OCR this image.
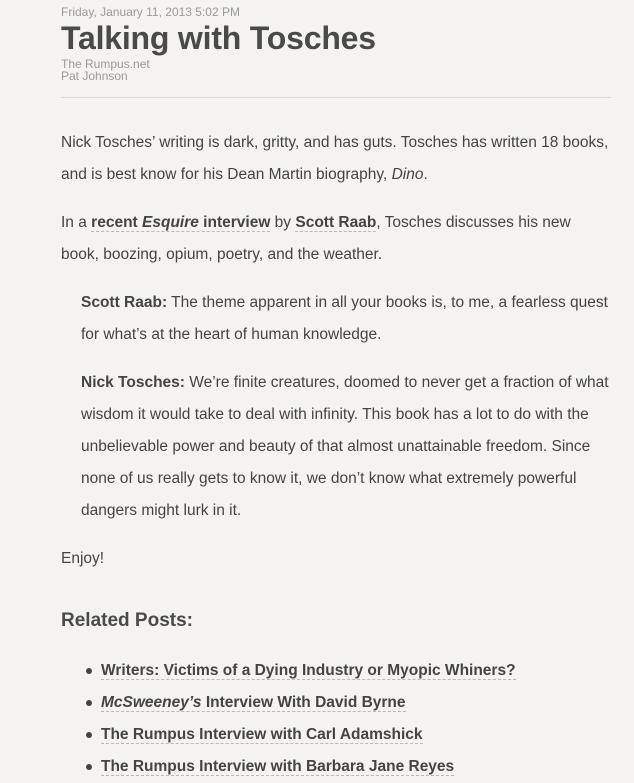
Friday, January 11, 2013 5:02 PM
Talking with Tosches
The Rumpus.net
Pat Johnson

Nick Tosches’ writing is dark, gritty, and has guts. Tosches has written 18 books, and is best know for his Dean Martin biography, Dino.

In a recent Esquire interview by Scott Raab, Tosches discusses his new book, boozing, opium, poetry, and the weather.

Scott Raab: The theme apparent in all your books is, to me, a fearless quest for what’s at the heart of human knowledge.

Nick Tosches: We’re finite creatures, doomed to never get a fraction of what wisdom it would take to deal with infinity. This book has a lot to do with the unbelievable power and beauty of that almost unattainable freedom. Since none of us really gets to know it, we don’t know what extremely powerful dangers might lurk in it.

Enjoy!

Related Posts:
Writers: Victims of a Dying Industry or Myopic Whiners?
McSweeney’s Interview With David Byrne
The Rumpus Interview with Carl Adamshick
The Rumpus Interview with Barbara Jane Reyes
